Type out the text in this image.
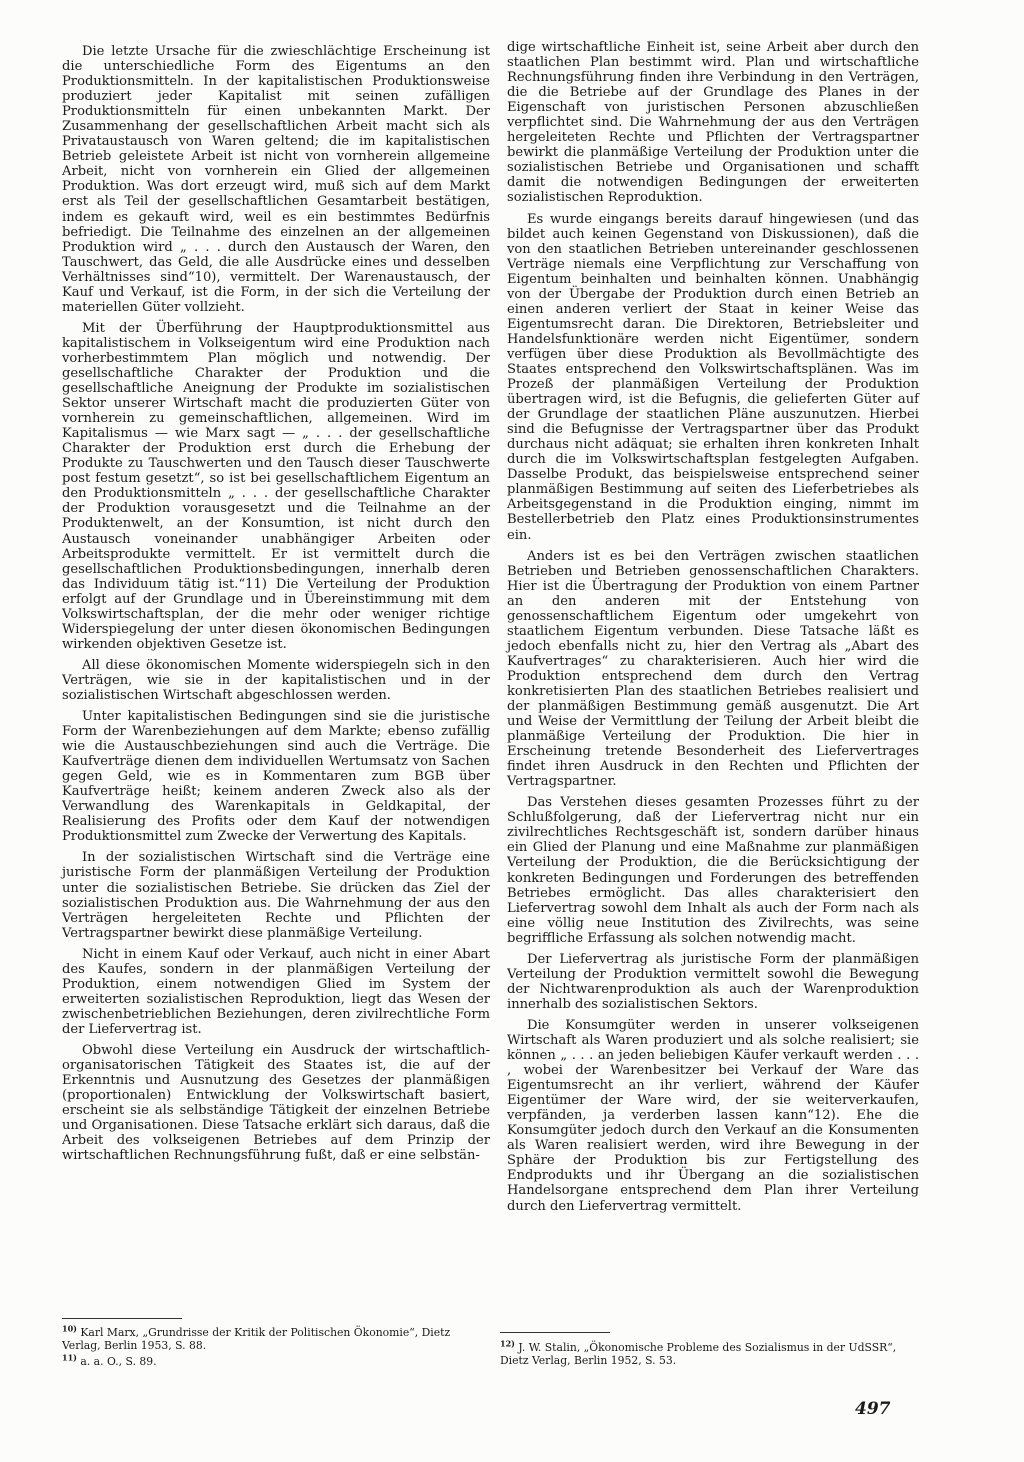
Die letzte Ursache für die zwieschlächtige Erscheinung ist die unterschiedliche Form des Eigentums an den Produktionsmitteln. In der kapitalistischen Produktionsweise produziert jeder Kapitalist mit seinen zufälligen Produktionsmitteln für einen unbekannten Markt. Der Zusammenhang der gesellschaftlichen Arbeit macht sich als Privataustausch von Waren geltend; die im kapitalistischen Betrieb geleistete Arbeit ist nicht von vornherein allgemeine Arbeit, nicht von vornherein ein Glied der allgemeinen Produktion. Was dort erzeugt wird, muß sich auf dem Markt erst als Teil der gesellschaftlichen Gesamtarbeit bestätigen, indem es gekauft wird, weil es ein bestimmtes Bedürfnis befriedigt. Die Teilnahme des einzelnen an der allgemeinen Produktion wird „ . . . durch den Austausch der Waren, den Tauschwert, das Geld, die alle Ausdrücke eines und desselben Verhältnisses sind“10), vermittelt. Der Warenaustausch, der Kauf und Verkauf, ist die Form, in der sich die Verteilung der materiellen Güter vollzieht.

Mit der Überführung der Hauptproduktionsmittel aus kapitalistischem in Volkseigentum wird eine Produktion nach vorherbestimmtem Plan möglich und notwendig. Der gesellschaftliche Charakter der Produktion und die gesellschaftliche Aneignung der Produkte im sozialistischen Sektor unserer Wirtschaft macht die produzierten Güter von vornherein zu gemeinschaftlichen, allgemeinen. Wird im Kapitalismus — wie Marx sagt — „ . . . der gesellschaftliche Charakter der Produktion erst durch die Erhebung der Produkte zu Tauschwerten und den Tausch dieser Tauschwerte post festum gesetzt“, so ist bei gesellschaftlichem Eigentum an den Produktionsmitteln „ . . . der gesellschaftliche Charakter der Produktion vorausgesetzt und die Teilnahme an der Produktenwelt, an der Konsumtion, ist nicht durch den Austausch voneinander unabhängiger Arbeiten oder Arbeitsprodukte vermittelt. Er ist vermittelt durch die gesellschaftlichen Produktionsbedingungen, innerhalb deren das Individuum tätig ist.“11) Die Verteilung der Produktion erfolgt auf der Grundlage und in Übereinstimmung mit dem Volkswirtschaftsplan, der die mehr oder weniger richtige Widerspiegelung der unter diesen ökonomischen Bedingungen wirkenden objektiven Gesetze ist.

All diese ökonomischen Momente widerspiegeln sich in den Verträgen, wie sie in der kapitalistischen und in der sozialistischen Wirtschaft abgeschlossen werden.

Unter kapitalistischen Bedingungen sind sie die juristische Form der Warenbeziehungen auf dem Markte; ebenso zufällig wie die Austauschbeziehungen sind auch die Verträge. Die Kaufverträge dienen dem individuellen Wertumsatz von Sachen gegen Geld, wie es in Kommentaren zum BGB über Kaufverträge heißt; keinem anderen Zweck also als der Verwandlung des Warenkapitals in Geldkapital, der Realisierung des Profits oder dem Kauf der notwendigen Produktionsmittel zum Zwecke der Verwertung des Kapitals.

In der sozialistischen Wirtschaft sind die Verträge eine juristische Form der planmäßigen Verteilung der Produktion unter die sozialistischen Betriebe. Sie drücken das Ziel der sozialistischen Produktion aus. Die Wahrnehmung der aus den Verträgen hergeleiteten Rechte und Pflichten der Vertragspartner bewirkt diese planmäßige Verteilung.

Nicht in einem Kauf oder Verkauf, auch nicht in einer Abart des Kaufes, sondern in der planmäßigen Verteilung der Produktion, einem notwendigen Glied im System der erweiterten sozialistischen Reproduktion, liegt das Wesen der zwischenbetrieblichen Beziehungen, deren zivilrechtliche Form der Liefervertrag ist.

Obwohl diese Verteilung ein Ausdruck der wirtschaftlich-organisatorischen Tätigkeit des Staates ist, die auf der Erkenntnis und Ausnutzung des Gesetzes der planmäßigen (proportionalen) Entwicklung der Volkswirtschaft basiert, erscheint sie als selbständige Tätigkeit der einzelnen Betriebe und Organisationen. Diese Tatsache erklärt sich daraus, daß die Arbeit des volkseigenen Betriebes auf dem Prinzip der wirtschaftlichen Rechnungsführung fußt, daß er eine selbstän-

dige wirtschaftliche Einheit ist, seine Arbeit aber durch den staatlichen Plan bestimmt wird. Plan und wirtschaftliche Rechnungsführung finden ihre Verbindung in den Verträgen, die die Betriebe auf der Grundlage des Planes in der Eigenschaft von juristischen Personen abzuschließen verpflichtet sind. Die Wahrnehmung der aus den Verträgen hergeleiteten Rechte und Pflichten der Vertragspartner bewirkt die planmäßige Verteilung der Produktion unter die sozialistischen Betriebe und Organisationen und schafft damit die notwendigen Bedingungen der erweiterten sozialistischen Reproduktion.

Es wurde eingangs bereits darauf hingewiesen (und das bildet auch keinen Gegenstand von Diskussionen), daß die von den staatlichen Betrieben untereinander geschlossenen Verträge niemals eine Verpflichtung zur Verschaffung von Eigentum beinhalten und beinhalten können. Unabhängig von der Übergabe der Produktion durch einen Betrieb an einen anderen verliert der Staat in keiner Weise das Eigentumsrecht daran. Die Direktoren, Betriebsleiter und Handelsfunktionäre werden nicht Eigentümer, sondern verfügen über diese Produktion als Bevollmächtigte des Staates entsprechend den Volkswirtschaftsplänen. Was im Prozeß der planmäßigen Verteilung der Produktion übertragen wird, ist die Befugnis, die gelieferten Güter auf der Grundlage der staatlichen Pläne auszunutzen. Hierbei sind die Befugnisse der Vertragspartner über das Produkt durchaus nicht adäquat; sie erhalten ihren konkreten Inhalt durch die im Volkswirtschaftsplan festgelegten Aufgaben. Dasselbe Produkt, das beispielsweise entsprechend seiner planmäßigen Bestimmung auf seiten des Lieferbetriebes als Arbeitsgegenstand in die Produktion einging, nimmt im Bestellerbetrieb den Platz eines Produktionsinstrumentes ein.

Anders ist es bei den Verträgen zwischen staatlichen Betrieben und Betrieben genossenschaftlichen Charakters. Hier ist die Übertragung der Produktion von einem Partner an den anderen mit der Entstehung von genossenschaftlichem Eigentum oder umgekehrt von staatlichem Eigentum verbunden. Diese Tatsache läßt es jedoch ebenfalls nicht zu, hier den Vertrag als „Abart des Kaufvertrages“ zu charakterisieren. Auch hier wird die Produktion entsprechend dem durch den Vertrag konkretisierten Plan des staatlichen Betriebes realisiert und der planmäßigen Bestimmung gemäß ausgenutzt. Die Art und Weise der Vermittlung der Teilung der Arbeit bleibt die planmäßige Verteilung der Produktion. Die hier in Erscheinung tretende Besonderheit des Liefervertrages findet ihren Ausdruck in den Rechten und Pflichten der Vertragspartner.

Das Verstehen dieses gesamten Prozesses führt zu der Schlußfolgerung, daß der Liefervertrag nicht nur ein zivilrechtliches Rechtsgeschäft ist, sondern darüber hinaus ein Glied der Planung und eine Maßnahme zur planmäßigen Verteilung der Produktion, die die Berücksichtigung der konkreten Bedingungen und Forderungen des betreffenden Betriebes ermöglicht. Das alles charakterisiert den Liefervertrag sowohl dem Inhalt als auch der Form nach als eine völlig neue Institution des Zivilrechts, was seine begriffliche Erfassung als solchen notwendig macht.

Der Liefervertrag als juristische Form der planmäßigen Verteilung der Produktion vermittelt sowohl die Bewegung der Nichtwarenproduktion als auch der Warenproduktion innerhalb des sozialistischen Sektors.

Die Konsumgüter werden in unserer volkseigenen Wirtschaft als Waren produziert und als solche realisiert; sie können „ . . . an jeden beliebigen Käufer verkauft werden . . . , wobei der Warenbesitzer bei Verkauf der Ware das Eigentumsrecht an ihr verliert, während der Käufer Eigentümer der Ware wird, der sie weiterverkaufen, verpfänden, ja verderben lassen kann“12). Ehe die Konsumgüter jedoch durch den Verkauf an die Konsumenten als Waren realisiert werden, wird ihre Bewegung in der Sphäre der Produktion bis zur Fertigstellung des Endprodukts und ihr Übergang an die sozialistischen Handelsorgane entsprechend dem Plan ihrer Verteilung durch den Liefervertrag vermittelt.

$^{10)}$ Karl Marx, „Grundrisse der Kritik der Politischen Ökonomie“, Dietz Verlag, Berlin 1953, S. 88.
$^{11)}$ a. a. O., S. 89.
$^{12)}$ J. W. Stalin, „Ökonomische Probleme des Sozialismus in der UdSSR“, Dietz Verlag, Berlin 1952, S. 53.
497
